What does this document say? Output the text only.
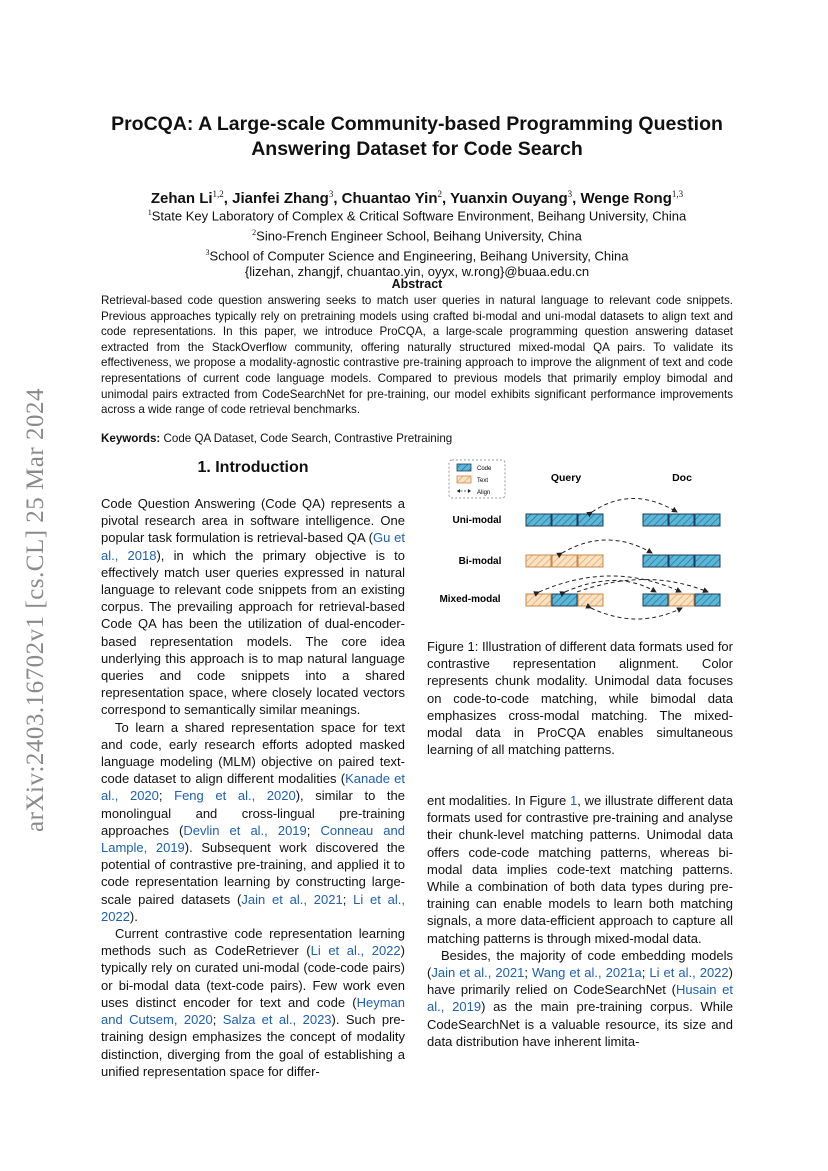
arXiv:2403.16702v1 [cs.CL] 25 Mar 2024
ProCQA: A Large-scale Community-based Programming Question
Answering Dataset for Code Search
Zehan Li$^{1,2}$, Jianfei Zhang$^3$, Chuantao Yin$^2$, Yuanxin Ouyang$^3$, Wenge Rong$^{1,3}$
$^1$State Key Laboratory of Complex & Critical Software Environment, Beihang University, China
$^2$Sino-French Engineer School, Beihang University, China
$^3$School of Computer Science and Engineering, Beihang University, China
{lizehan, zhangjf, chuantao.yin, oyyx, w.rong}@buaa.edu.cn
Abstract
Retrieval-based code question answering seeks to match user queries in natural language to relevant code snippets. Previous approaches typically rely on pretraining models using crafted bi-modal and uni-modal datasets to align text and code representations. In this paper, we introduce ProCQA, a large-scale programming question answering dataset extracted from the StackOverflow community, offering naturally structured mixed-modal QA pairs. To validate its effectiveness, we propose a modality-agnostic contrastive pre-training approach to improve the alignment of text and code representations of current code language models. Compared to previous models that primarily employ bimodal and unimodal pairs extracted from CodeSearchNet for pre-training, our model exhibits significant performance improvements across a wide range of code retrieval benchmarks.
Keywords: Code QA Dataset, Code Search, Contrastive Pretraining
1. Introduction

Code Question Answering (Code QA) represents a pivotal research area in software intelligence. One popular task formulation is retrieval-based QA (Gu et al., 2018), in which the primary objective is to effectively match user queries expressed in natural language to relevant code snippets from an existing corpus. The prevailing approach for retrieval-based Code QA has been the utilization of dual-encoder-based representation models. The core idea underlying this approach is to map natural language queries and code snippets into a shared representation space, where closely located vectors correspond to semantically similar meanings.

To learn a shared representation space for text and code, early research efforts adopted masked language modeling (MLM) objective on paired text-code dataset to align different modalities (Kanade et al., 2020; Feng et al., 2020), similar to the monolingual and cross-lingual pre-training approaches (Devlin et al., 2019; Conneau and Lample, 2019). Subsequent work discovered the potential of contrastive pre-training, and applied it to code representation learning by constructing large-scale paired datasets (Jain et al., 2021; Li et al., 2022).

Current contrastive code representation learning methods such as CodeRetriever (Li et al., 2022) typically rely on curated uni-modal (code-code pairs) or bi-modal data (text-code pairs). Few work even uses distinct encoder for text and code (Heyman and Cutsem, 2020; Salza et al., 2023). Such pre-training design emphasizes the concept of modality distinction, diverging from the goal of establishing a unified representation space for differ-

Code
Text
Align
Query	Doc
Uni-modal
Bi-modal
Mixed-modal
Figure 1: Illustration of different data formats used for contrastive representation alignment. Color represents chunk modality. Unimodal data focuses on code-to-code matching, while bimodal data emphasizes cross-modal matching. The mixed-modal data in ProCQA enables simultaneous learning of all matching patterns.

ent modalities. In Figure 1, we illustrate different data formats used for contrastive pre-training and analyse their chunk-level matching patterns. Unimodal data offers code-code matching patterns, whereas bi-modal data implies code-text matching patterns. While a combination of both data types during pre-training can enable models to learn both matching signals, a more data-efficient approach to capture all matching patterns is through mixed-modal data.

Besides, the majority of code embedding models (Jain et al., 2021; Wang et al., 2021a; Li et al., 2022) have primarily relied on CodeSearchNet (Husain et al., 2019) as the main pre-training corpus. While CodeSearchNet is a valuable resource, its size and data distribution have inherent limita-
